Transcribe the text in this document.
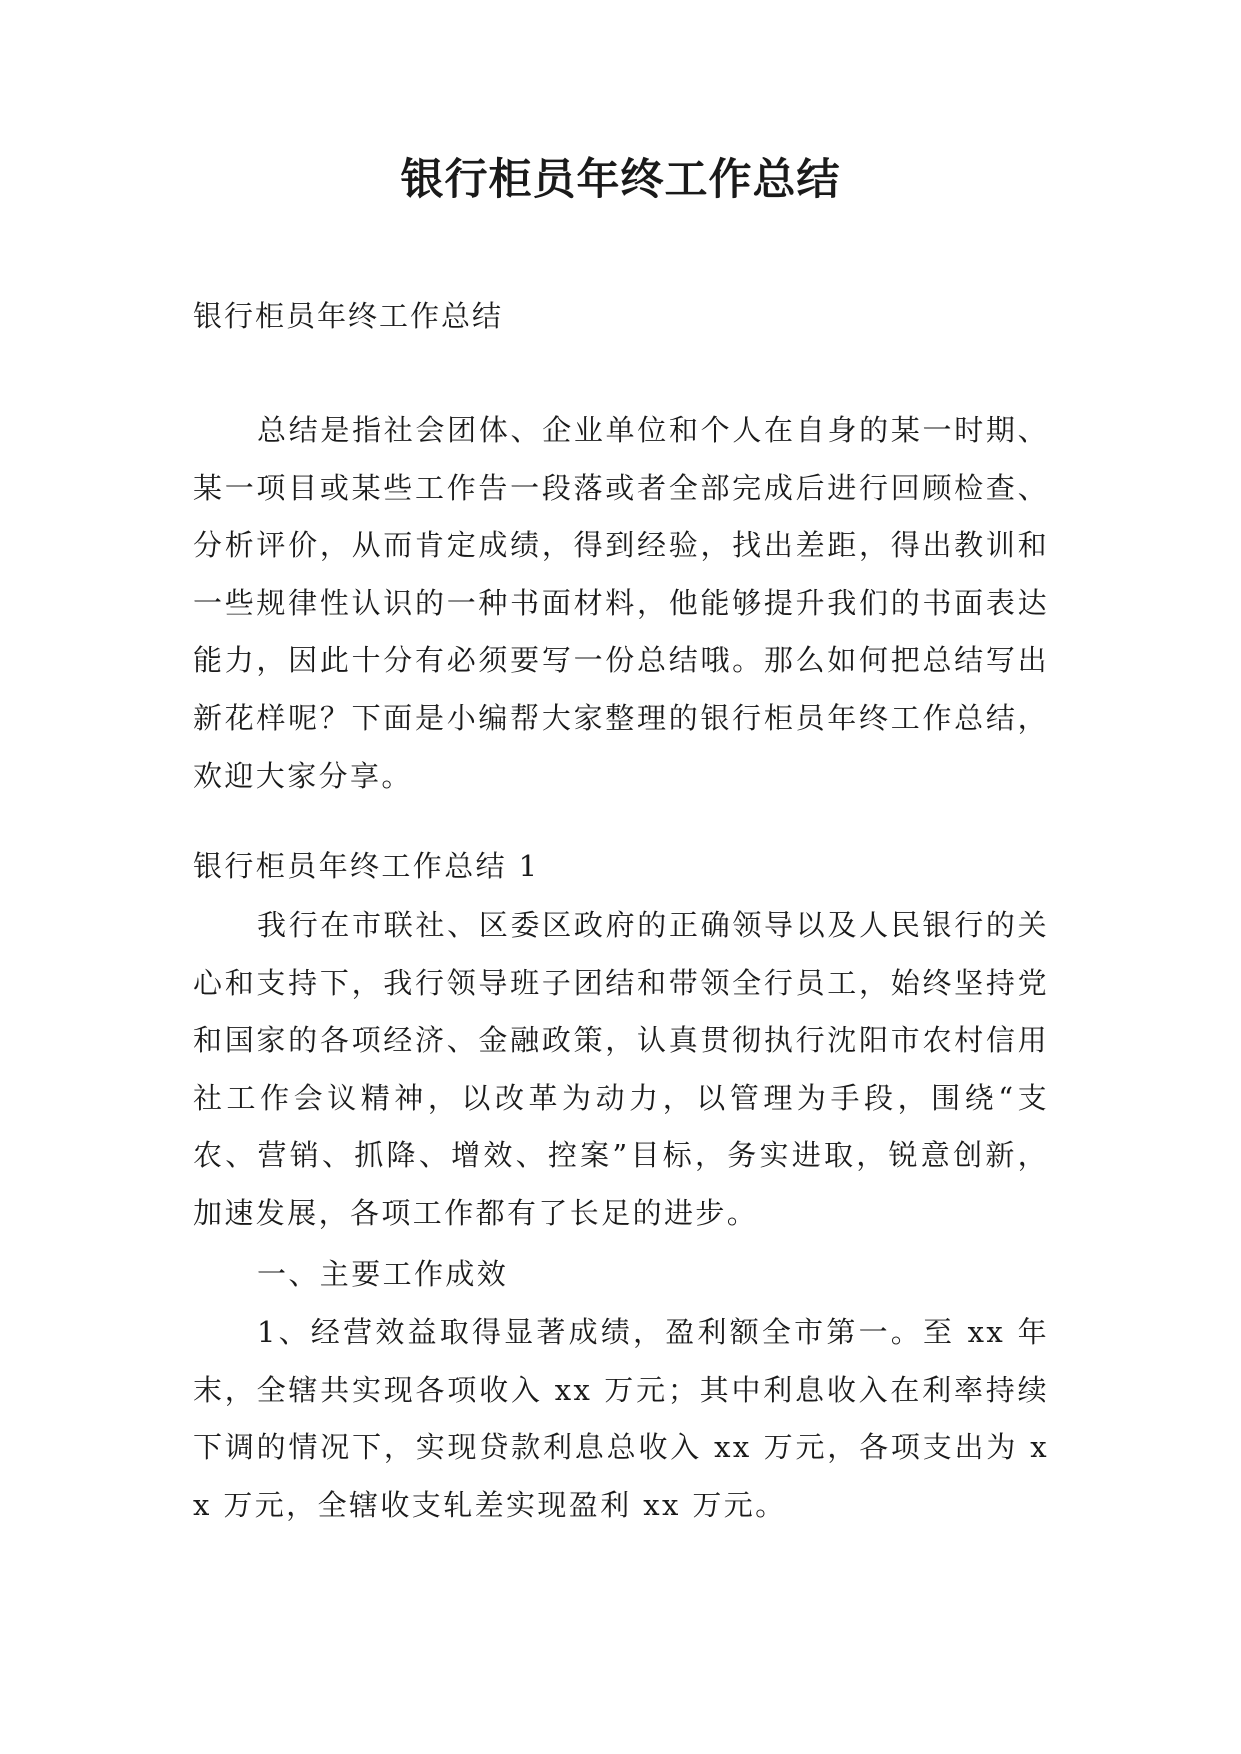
银行柜员年终工作总结

银行柜员年终工作总结

总结是指社会团体、企业单位和个人在自身的某一时期、某一项目或某些工作告一段落或者全部完成后进行回顾检查、分析评价，从而肯定成绩，得到经验，找出差距，得出教训和一些规律性认识的一种书面材料，他能够提升我们的书面表达能力，因此十分有必须要写一份总结哦。那么如何把总结写出新花样呢？下面是小编帮大家整理的银行柜员年终工作总结，欢迎大家分享。

银行柜员年终工作总结 1

我行在市联社、区委区政府的正确领导以及人民银行的关心和支持下，我行领导班子团结和带领全行员工，始终坚持党和国家的各项经济、金融政策，认真贯彻执行沈阳市农村信用社工作会议精神，以改革为动力，以管理为手段，围绕“支农、营销、抓降、增效、控案”目标，务实进取，锐意创新，加速发展，各项工作都有了长足的进步。

一、主要工作成效

1、经营效益取得显著成绩，盈利额全市第一。至 xx 年末，全辖共实现各项收入 xx 万元；其中利息收入在利率持续下调的情况下，实现贷款利息总收入 xx 万元，各项支出为 xx 万元，全辖收支轧差实现盈利 xx 万元。
